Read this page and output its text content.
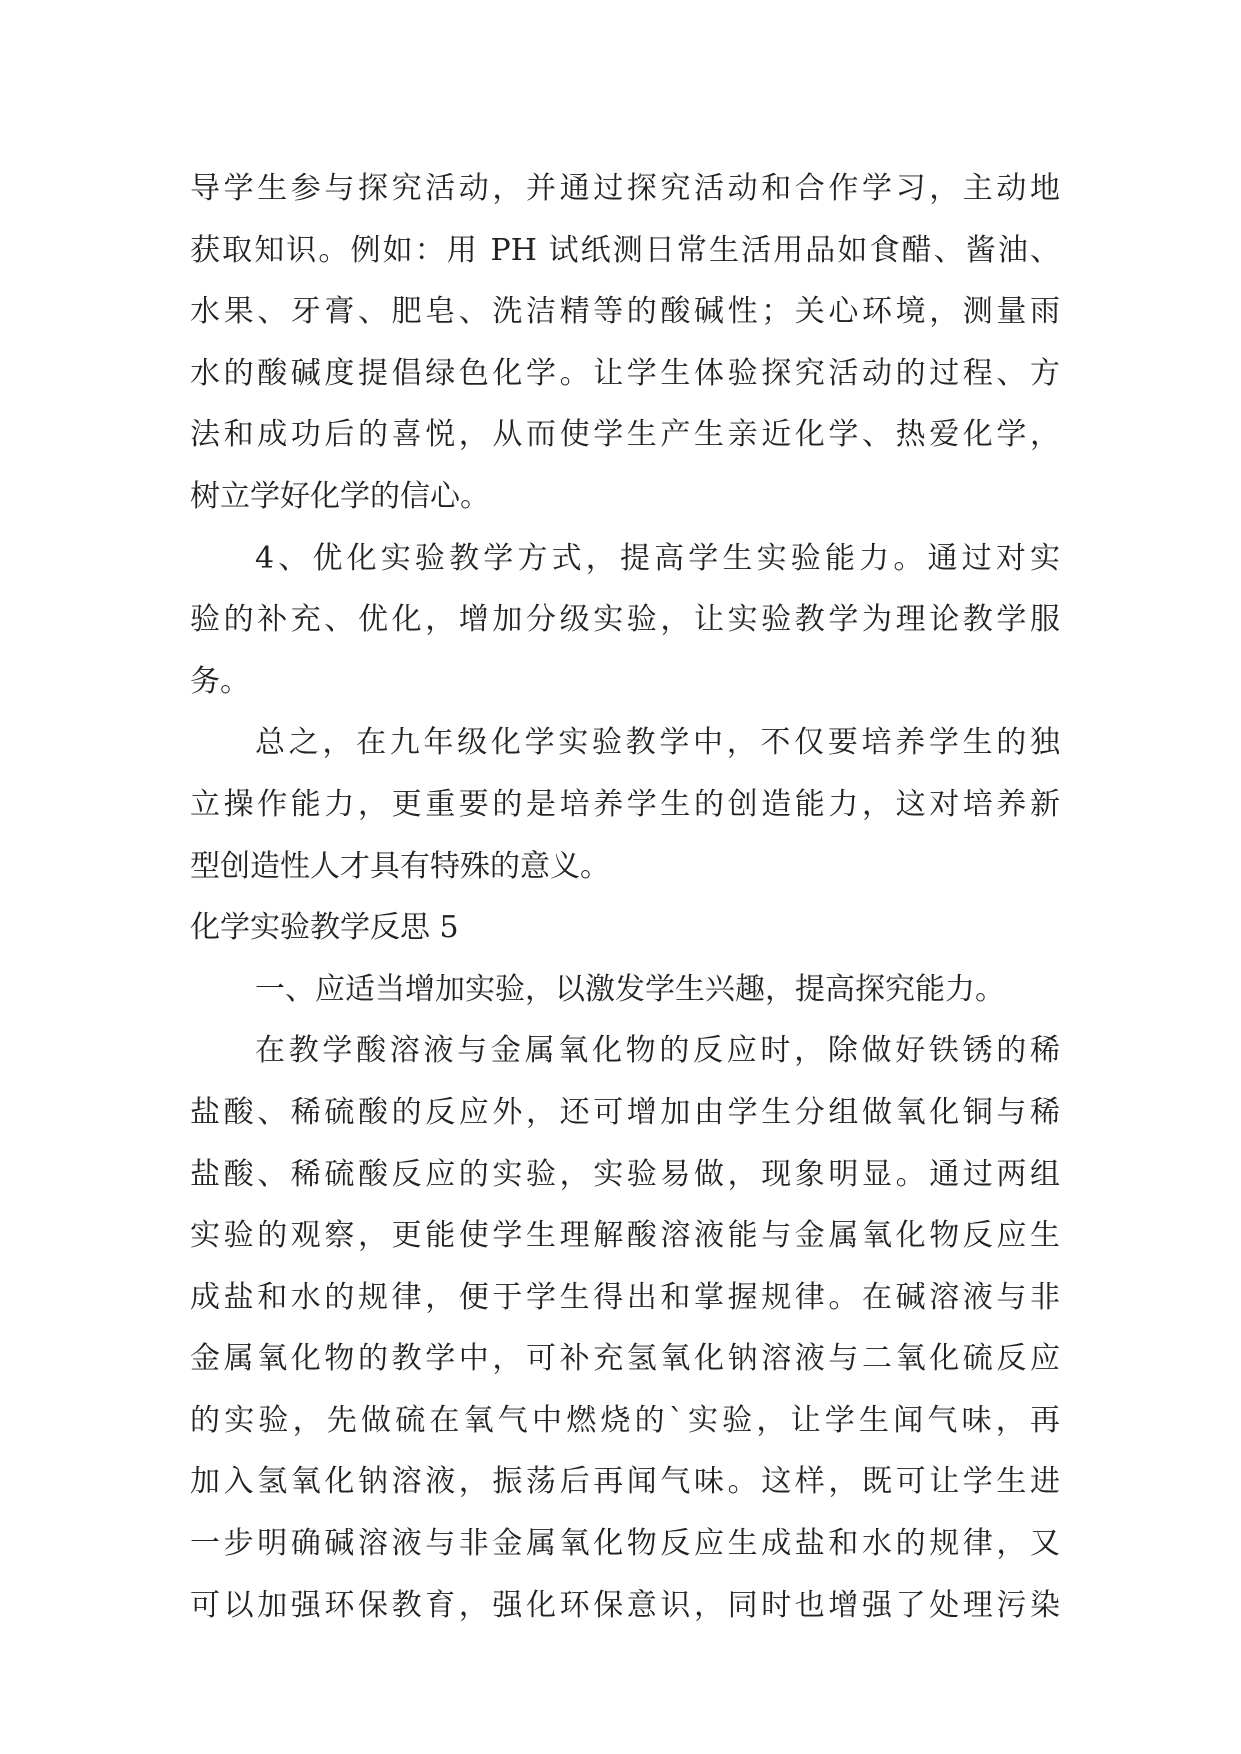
导学生参与探究活动，并通过探究活动和合作学习，主动地
获取知识。例如：用 PH 试纸测日常生活用品如食醋、酱油、
水果、牙膏、肥皂、洗洁精等的酸碱性；关心环境，测量雨
水的酸碱度提倡绿色化学。让学生体验探究活动的过程、方
法和成功后的喜悦，从而使学生产生亲近化学、热爱化学，
树立学好化学的信心。
4、优化实验教学方式，提高学生实验能力。通过对实
验的补充、优化，增加分级实验，让实验教学为理论教学服
务。
总之，在九年级化学实验教学中，不仅要培养学生的独
立操作能力，更重要的是培养学生的创造能力，这对培养新
型创造性人才具有特殊的意义。
化学实验教学反思 5
一、应适当增加实验，以激发学生兴趣，提高探究能力。
在教学酸溶液与金属氧化物的反应时，除做好铁锈的稀
盐酸、稀硫酸的反应外，还可增加由学生分组做氧化铜与稀
盐酸、稀硫酸反应的实验，实验易做，现象明显。通过两组
实验的观察，更能使学生理解酸溶液能与金属氧化物反应生
成盐和水的规律，便于学生得出和掌握规律。在碱溶液与非
金属氧化物的教学中，可补充氢氧化钠溶液与二氧化硫反应
的实验，先做硫在氧气中燃烧的`实验，让学生闻气味，再
加入氢氧化钠溶液，振荡后再闻气味。这样，既可让学生进
一步明确碱溶液与非金属氧化物反应生成盐和水的规律，又
可以加强环保教育，强化环保意识，同时也增强了处理污染
